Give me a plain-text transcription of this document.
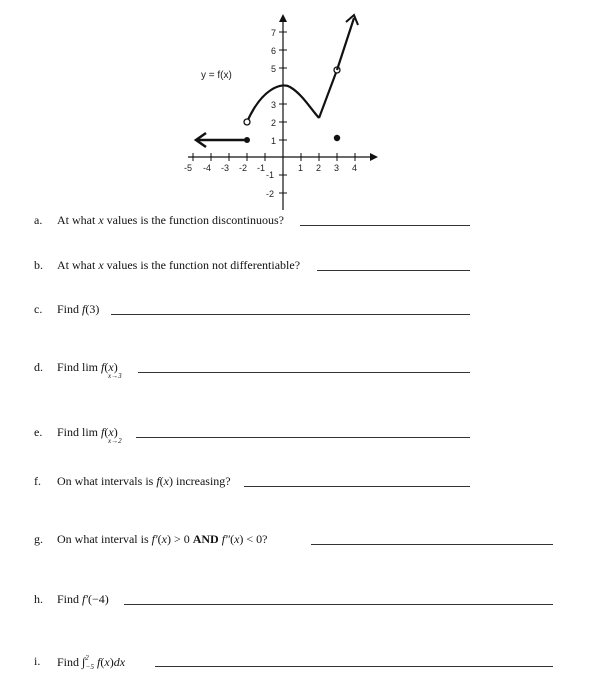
-5 -4 -3 -2 -1	1 2 3 4
7
6
5
3
2
1
-1
-2
y = f(x)
a. At what x values is the function discontinuous?
b. At what x values is the function not differentiable?
c. Find f(3)
d. Find lim f(x)
x→3
e. Find lim f(x)
x→2
f. On what intervals is f(x) increasing?
g. On what interval is f′(x) > 0 AND f″(x) < 0?
h. Find f′(−4)
i. Find ∫$^2_{-5}$ f(x)dx
